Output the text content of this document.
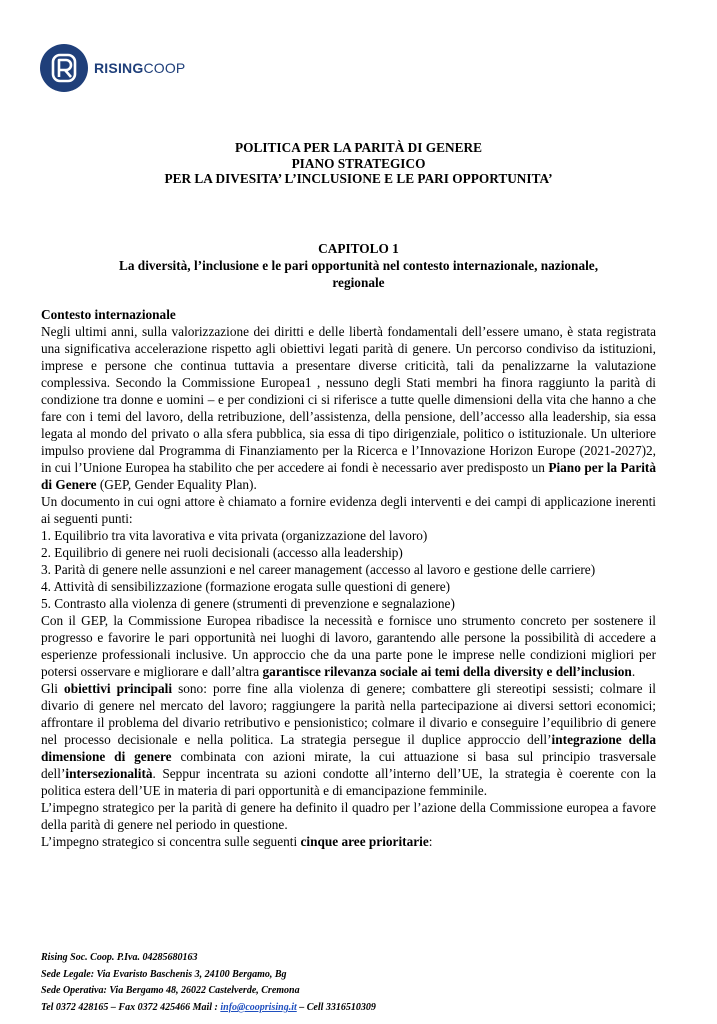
RISINGCOOP
POLITICA PER LA PARITÀ DI GENERE
PIANO STRATEGICO
PER LA DIVESITA’ L’INCLUSIONE E LE PARI OPPORTUNITA’
CAPITOLO 1
La diversità, l’inclusione e le pari opportunità nel contesto internazionale, nazionale,
regionale

Contesto internazionale

Negli ultimi anni, sulla valorizzazione dei diritti e delle libertà fondamentali dell’essere umano, è stata registrata una significativa accelerazione rispetto agli obiettivi legati parità di genere. Un percorso condiviso da istituzioni, imprese e persone che continua tuttavia a presentare diverse criticità, tali da penalizzarne la valutazione complessiva. Secondo la Commissione Europea1 , nessuno degli Stati membri ha finora raggiunto la parità di condizione tra donne e uomini – e per condizioni ci si riferisce a tutte quelle dimensioni della vita che hanno a che fare con i temi del lavoro, della retribuzione, dell’assistenza, della pensione, dell’accesso alla leadership, sia essa legata al mondo del privato o alla sfera pubblica, sia essa di tipo dirigenziale, politico o istituzionale. Un ulteriore impulso proviene dal Programma di Finanziamento per la Ricerca e l’Innovazione Horizon Europe (2021-2027)2, in cui l’Unione Europea ha stabilito che per accedere ai fondi è necessario aver predisposto un Piano per la Parità di Genere (GEP, Gender Equality Plan).

Un documento in cui ogni attore è chiamato a fornire evidenza degli interventi e dei campi di applicazione inerenti ai seguenti punti:

1. Equilibrio tra vita lavorativa e vita privata (organizzazione del lavoro)

2. Equilibrio di genere nei ruoli decisionali (accesso alla leadership)

3. Parità di genere nelle assunzioni e nel career management (accesso al lavoro e gestione delle carriere)

4. Attività di sensibilizzazione (formazione erogata sulle questioni di genere)

5. Contrasto alla violenza di genere (strumenti di prevenzione e segnalazione)

Con il GEP, la Commissione Europea ribadisce la necessità e fornisce uno strumento concreto per sostenere il progresso e favorire le pari opportunità nei luoghi di lavoro, garantendo alle persone la possibilità di accedere a esperienze professionali inclusive. Un approccio che da una parte pone le imprese nelle condizioni migliori per potersi osservare e migliorare e dall’altra garantisce rilevanza sociale ai temi della diversity e dell’inclusion.

Gli obiettivi principali sono: porre fine alla violenza di genere; combattere gli stereotipi sessisti; colmare il divario di genere nel mercato del lavoro; raggiungere la parità nella partecipazione ai diversi settori economici; affrontare il problema del divario retributivo e pensionistico; colmare il divario e conseguire l’equilibrio di genere nel processo decisionale e nella politica. La strategia persegue il duplice approccio dell’integrazione della dimensione di genere combinata con azioni mirate, la cui attuazione si basa sul principio trasversale dell’intersezionalità. Seppur incentrata su azioni condotte all’interno dell’UE, la strategia è coerente con la politica estera dell’UE in materia di pari opportunità e di emancipazione femminile.

L’impegno strategico per la parità di genere ha definito il quadro per l’azione della Commissione europea a favore della parità di genere nel periodo in questione.

L’impegno strategico si concentra sulle seguenti cinque aree prioritarie:

Rising Soc. Coop. P.Iva. 04285680163
Sede Legale: Via Evaristo Baschenis 3, 24100 Bergamo, Bg
Sede Operativa: Via Bergamo 48, 26022 Castelverde, Cremona
Tel 0372 428165 – Fax 0372 425466 Mail : info@cooprising.it – Cell 3316510309
